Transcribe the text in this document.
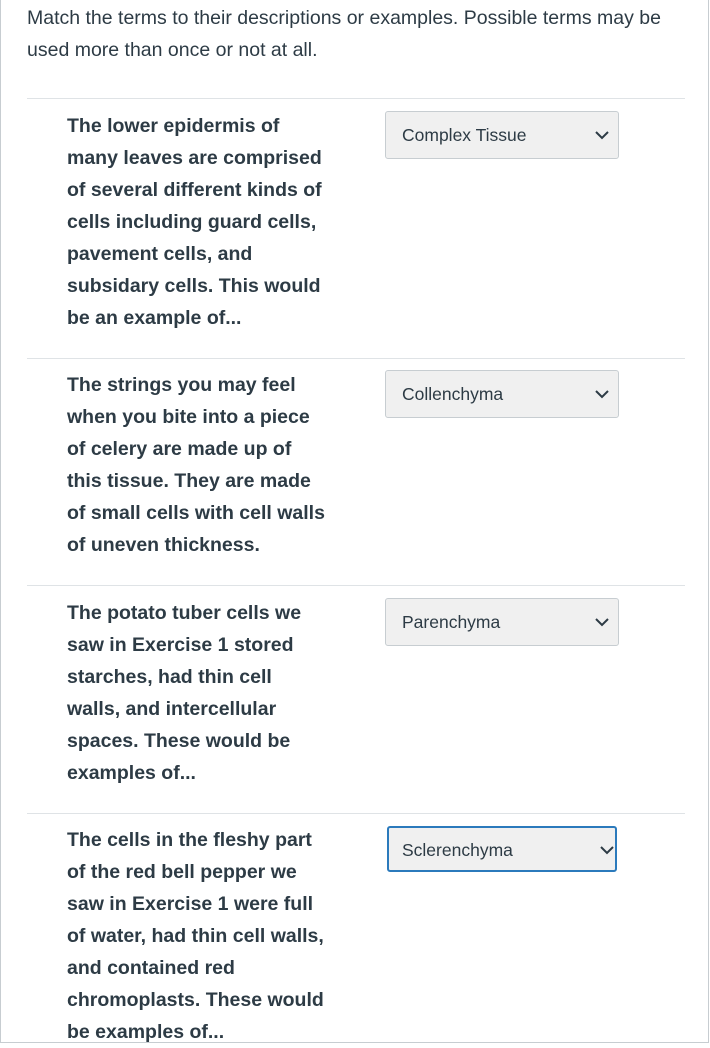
Match the terms to their descriptions or examples. Possible terms may be used more than once or not at all.
The lower epidermis of many leaves are comprised of several different kinds of cells including guard cells, pavement cells, and subsidary cells. This would be an example of...
Complex Tissue
The strings you may feel when you bite into a piece of celery are made up of this tissue. They are made of small cells with cell walls of uneven thickness.
Collenchyma
The potato tuber cells we saw in Exercise 1 stored starches, had thin cell walls, and intercellular spaces. These would be examples of...
Parenchyma
The cells in the fleshy part of the red bell pepper we saw in Exercise 1 were full of water, had thin cell walls, and contained red chromoplasts. These would be examples of...
Sclerenchyma
